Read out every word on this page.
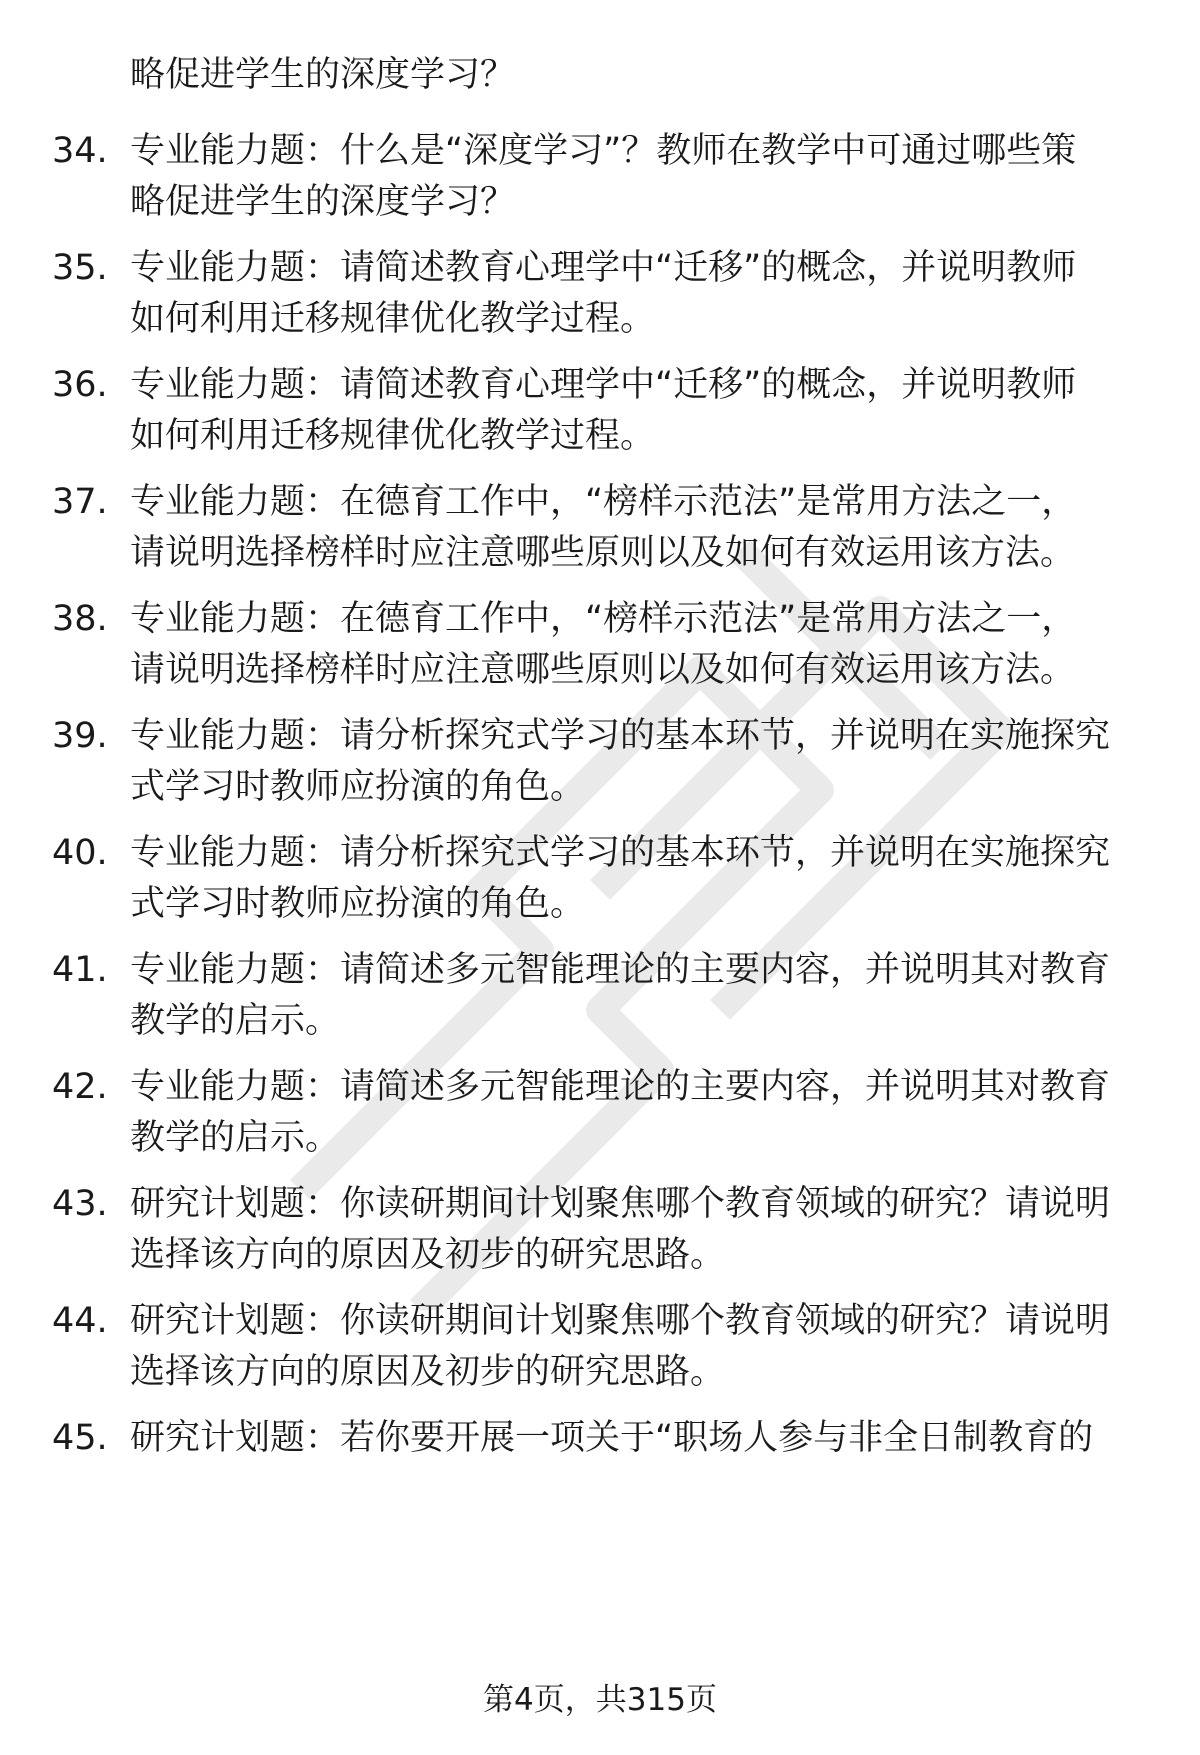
略促进学生的深度学习？
34. 专业能力题：什么是“深度学习”？教师在教学中可通过哪些策
略促进学生的深度学习？
35. 专业能力题：请简述教育心理学中“迁移”的概念，并说明教师
如何利用迁移规律优化教学过程。
36. 专业能力题：请简述教育心理学中“迁移”的概念，并说明教师
如何利用迁移规律优化教学过程。
37. 专业能力题：在德育工作中，“榜样示范法”是常用方法之一，
请说明选择榜样时应注意哪些原则以及如何有效运用该方法。
38. 专业能力题：在德育工作中，“榜样示范法”是常用方法之一，
请说明选择榜样时应注意哪些原则以及如何有效运用该方法。
39. 专业能力题：请分析探究式学习的基本环节，并说明在实施探究
式学习时教师应扮演的角色。
40. 专业能力题：请分析探究式学习的基本环节，并说明在实施探究
式学习时教师应扮演的角色。
41. 专业能力题：请简述多元智能理论的主要内容，并说明其对教育
教学的启示。
42. 专业能力题：请简述多元智能理论的主要内容，并说明其对教育
教学的启示。
43. 研究计划题：你读研期间计划聚焦哪个教育领域的研究？请说明
选择该方向的原因及初步的研究思路。
44. 研究计划题：你读研期间计划聚焦哪个教育领域的研究？请说明
选择该方向的原因及初步的研究思路。
45. 研究计划题：若你要开展一项关于“职场人参与非全日制教育的
第4页，共315页
